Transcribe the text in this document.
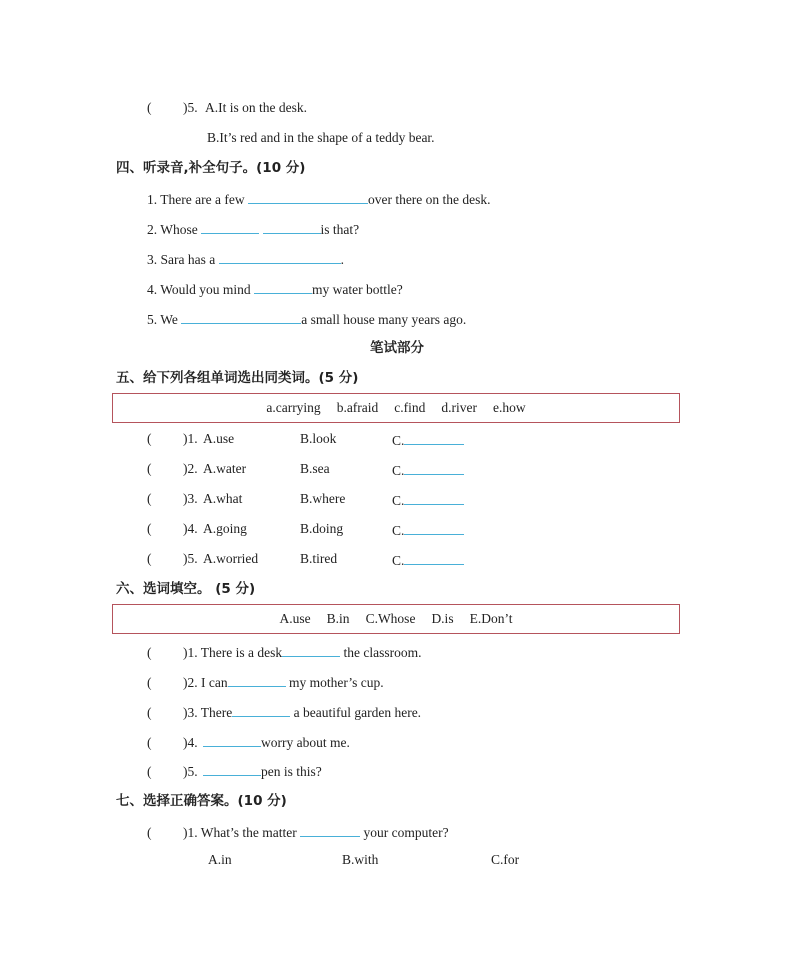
( )5. A.It is on the desk.
B.It’s red and in the shape of a teddy bear.
四、听录音,补全句子。(10 分)
1. There are a few	over there on the desk.
2. Whose	is that?
3. Sara has a	.
4. Would you mind	my water bottle?
5. We	a small house many years ago.
笔试部分
五、给下列各组单词选出同类词。(5 分)
a.carrying b.afraid c.find d.river e.how
( )1. A.use	B.look	C.
( )2. A.water	B.sea	C.
( )3. A.what	B.where	C.
( )4. A.going	B.doing	C.
( )5. A.worried	B.tired	C.
六、选词填空。 (5 分)
A.use B.in C.Whose D.is E.Don’t
( )1. There is a desk	the classroom.
( )2. I can	my mother’s cup.
( )3. There	a beautiful garden here.
( )4.	worry about me.
( )5.	pen is this?
七、选择正确答案。(10 分)
( )1. What’s the matter	your computer?
A.in	B.with	C.for
